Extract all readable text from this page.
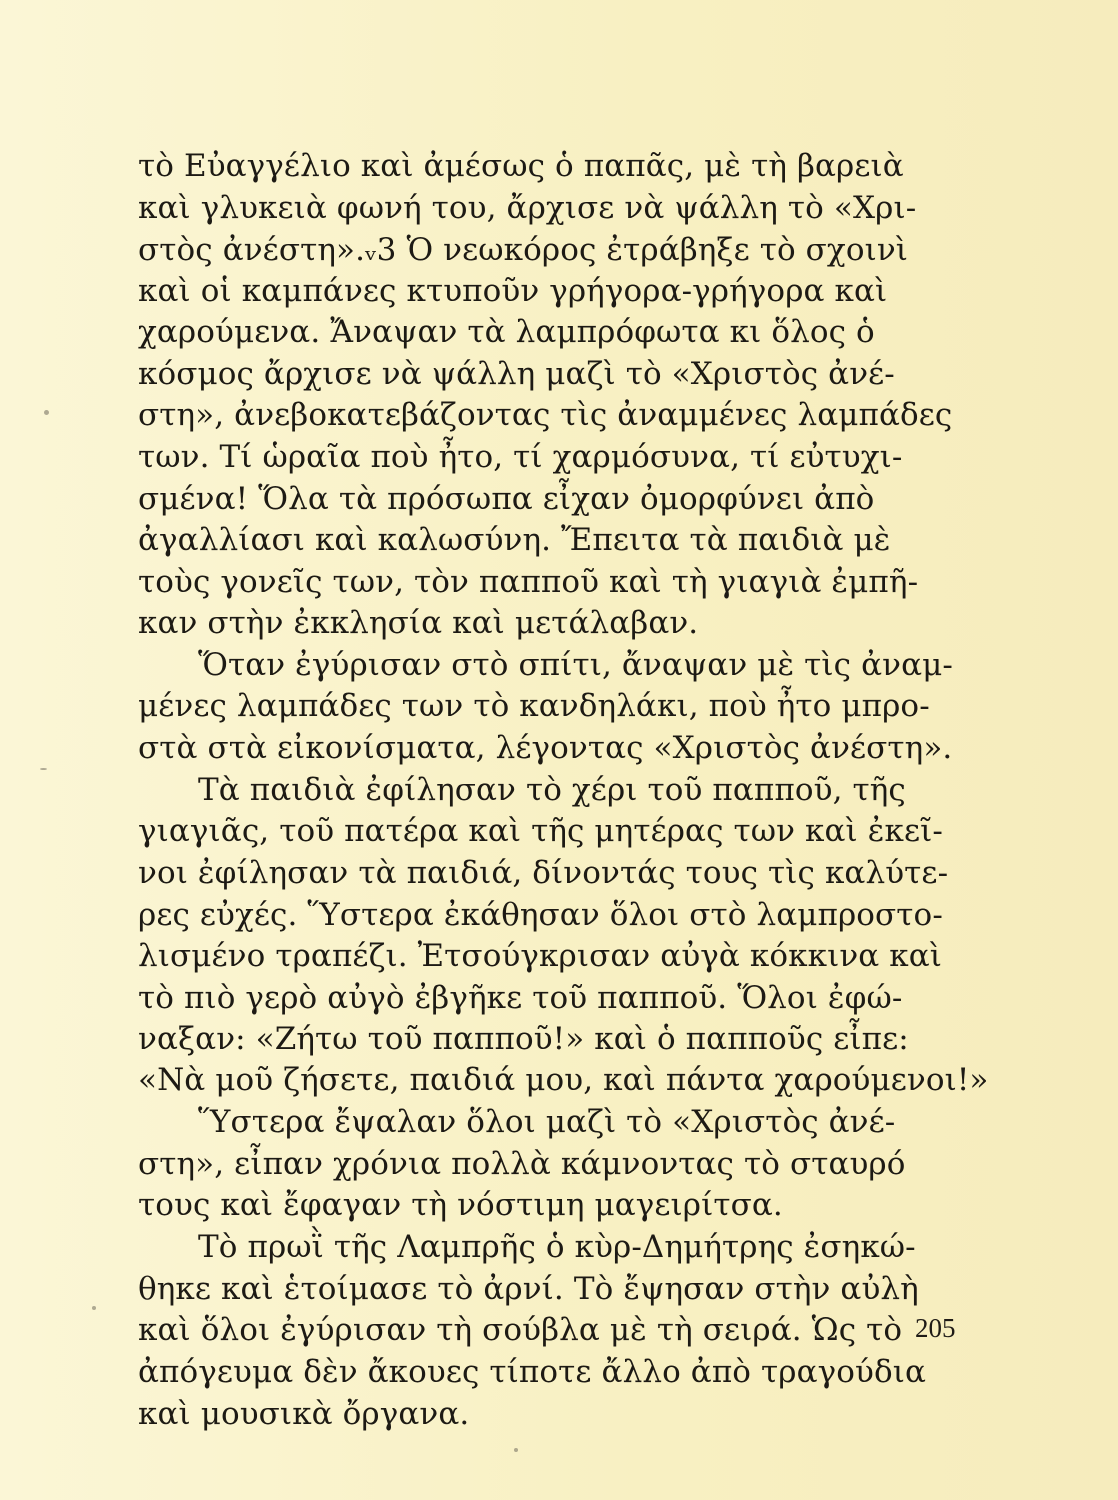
τὸ Εὐαγγέλιο καὶ ἀμέσως ὁ παπᾶς, μὲ τὴ βαρειὰ
καὶ γλυκειὰ φωνή του, ἄρχισε νὰ ψάλλη τὸ «Χρι-
στὸς ἀνέστη».ᵥ3 Ὁ νεωκόρος ἐτράβηξε τὸ σχοινὶ
καὶ οἱ καμπάνες κτυποῦν γρήγορα-γρήγορα καὶ
χαρούμενα. Ἄναψαν τὰ λαμπρόφωτα κι ὅλος ὁ
κόσμος ἄρχισε νὰ ψάλλη μαζὶ τὸ «Χριστὸς ἀνέ-
στη», ἀνεβοκατεβάζοντας τὶς ἀναμμένες λαμπάδες
των. Τί ὡραῖα ποὺ ἦτο, τί χαρμόσυνα, τί εὐτυχι-
σμένα! Ὅλα τὰ πρόσωπα εἶχαν ὀμορφύνει ἀπὸ
ἀγαλλίασι καὶ καλωσύνη. Ἔπειτα τὰ παιδιὰ μὲ
τοὺς γονεῖς των, τὸν παπποῦ καὶ τὴ γιαγιὰ ἐμπῆ-
καν στὴν ἐκκλησία καὶ μετάλαβαν.
Ὅταν ἐγύρισαν στὸ σπίτι, ἄναψαν μὲ τὶς ἀναμ-
μένες λαμπάδες των τὸ κανδηλάκι, ποὺ ἦτο μπρο-
στὰ στὰ εἰκονίσματα, λέγοντας «Χριστὸς ἀνέστη».
Τὰ παιδιὰ ἐφίλησαν τὸ χέρι τοῦ παπποῦ, τῆς
γιαγιᾶς, τοῦ πατέρα καὶ τῆς μητέρας των καὶ ἐκεῖ-
νοι ἐφίλησαν τὰ παιδιά, δίνοντάς τους τὶς καλύτε-
ρες εὐχές. Ὕστερα ἐκάθησαν ὅλοι στὸ λαμπροστο-
λισμένο τραπέζι. Ἐτσούγκρισαν αὐγὰ κόκκινα καὶ
τὸ πιὸ γερὸ αὐγὸ ἐβγῆκε τοῦ παπποῦ. Ὅλοι ἐφώ-
ναξαν: «Ζήτω τοῦ παπποῦ!» καὶ ὁ παπποῦς εἶπε:
«Νὰ μοῦ ζήσετε, παιδιά μου, καὶ πάντα χαρούμενοι!»
Ὕστερα ἔψαλαν ὅλοι μαζὶ τὸ «Χριστὸς ἀνέ-
στη», εἶπαν χρόνια πολλὰ κάμνοντας τὸ σταυρό
τους καὶ ἔφαγαν τὴ νόστιμη μαγειρίτσα.
Τὸ πρωῒ τῆς Λαμπρῆς ὁ κὺρ-Δημήτρης ἐσηκώ-
θηκε καὶ ἑτοίμασε τὸ ἀρνί. Τὸ ἔψησαν στὴν αὐλὴ
καὶ ὅλοι ἐγύρισαν τὴ σούβλα μὲ τὴ σειρά. Ὡς τὸ
ἀπόγευμα δὲν ἄκουες τίποτε ἄλλο ἀπὸ τραγούδια
καὶ μουσικὰ ὄργανα.
205
